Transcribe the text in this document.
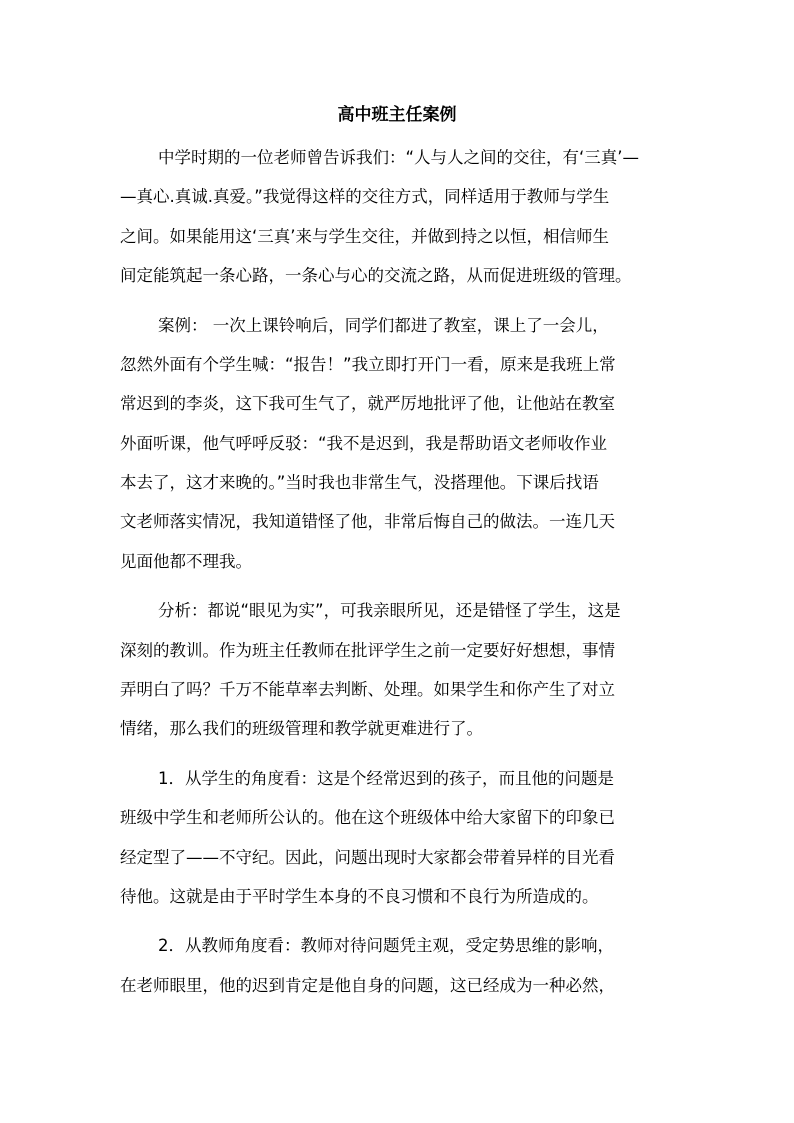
高中班主任案例
中学时期的一位老师曾告诉我们：“人与人之间的交往，有‘三真’—
—真心.真诚.真爱。”我觉得这样的交往方式，同样适用于教师与学生
之间。如果能用这‘三真’来与学生交往，并做到持之以恒，相信师生
间定能筑起一条心路，一条心与心的交流之路，从而促进班级的管理。
案例： 一次上课铃响后，同学们都进了教室，课上了一会儿，
忽然外面有个学生喊：“报告！”我立即打开门一看，原来是我班上常
常迟到的李炎，这下我可生气了，就严厉地批评了他，让他站在教室
外面听课，他气呼呼反驳：“我不是迟到，我是帮助语文老师收作业
本去了，这才来晚的。”当时我也非常生气，没搭理他。下课后找语
文老师落实情况，我知道错怪了他，非常后悔自己的做法。一连几天
见面他都不理我。
分析：都说“眼见为实”，可我亲眼所见，还是错怪了学生，这是
深刻的教训。作为班主任教师在批评学生之前一定要好好想想，事情
弄明白了吗？千万不能草率去判断、处理。如果学生和你产生了对立
情绪，那么我们的班级管理和教学就更难进行了。
1．从学生的角度看：这是个经常迟到的孩子，而且他的问题是
班级中学生和老师所公认的。他在这个班级体中给大家留下的印象已
经定型了——不守纪。因此，问题出现时大家都会带着异样的目光看
待他。这就是由于平时学生本身的不良习惯和不良行为所造成的。
2．从教师角度看：教师对待问题凭主观，受定势思维的影响，
在老师眼里，他的迟到肯定是他自身的问题，这已经成为一种必然，
